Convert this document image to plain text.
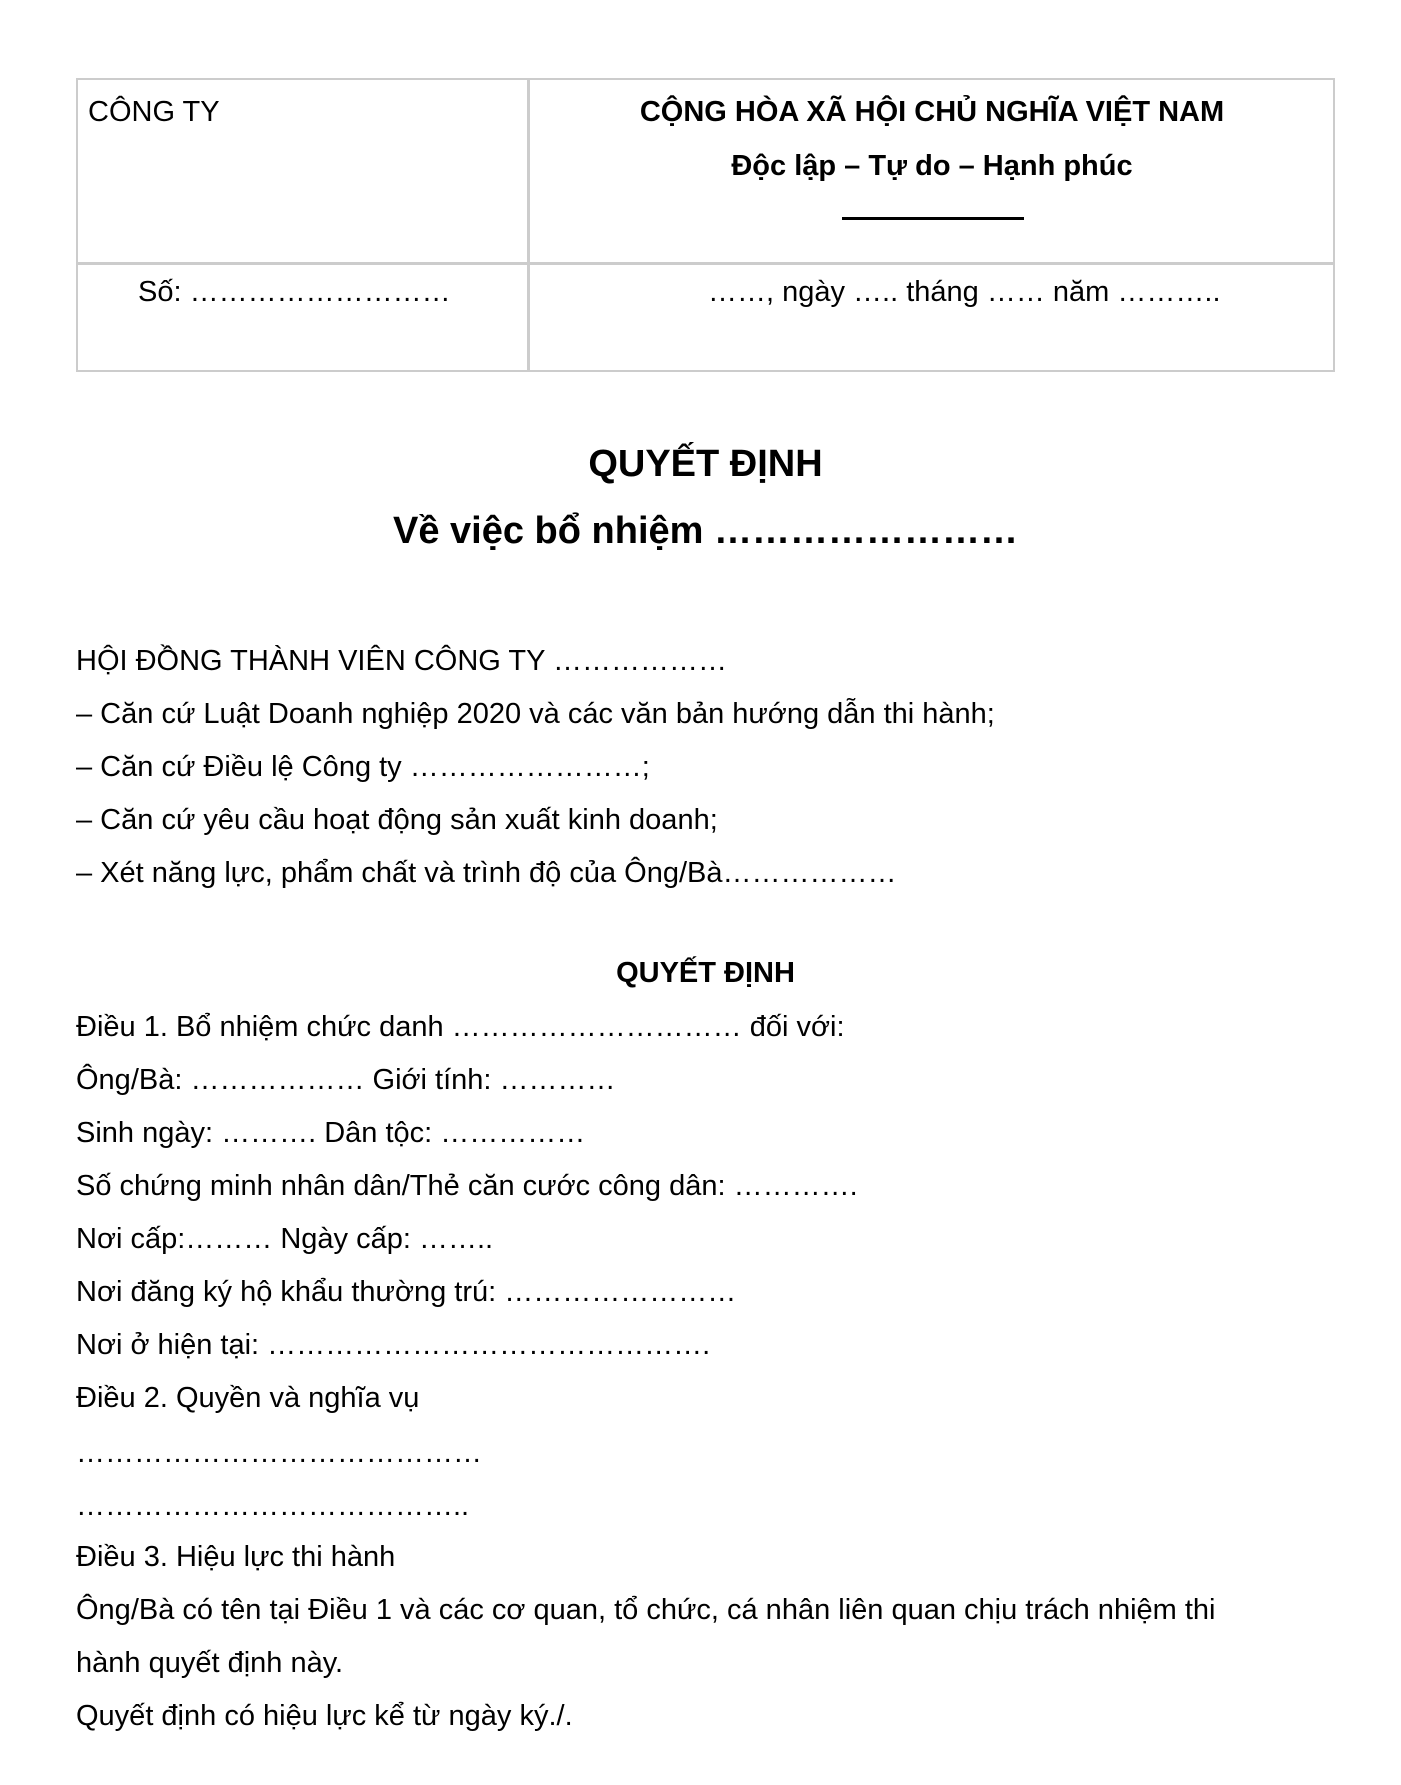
CÔNG TY	CỘNG HÒA XÃ HỘI CHỦ NGHĨA VIỆT NAM
Độc lập – Tự do – Hạnh phúc
Số: ………………………	……, ngày ….. tháng …… năm ………..
QUYẾT ĐỊNH
Về việc bổ nhiệm ……………………
HỘI ĐỒNG THÀNH VIÊN CÔNG TY ………………
– Căn cứ Luật Doanh nghiệp 2020 và các văn bản hướng dẫn thi hành;
– Căn cứ Điều lệ Công ty ……………………;
– Căn cứ yêu cầu hoạt động sản xuất kinh doanh;
– Xét năng lực, phẩm chất và trình độ của Ông/Bà………………
QUYẾT ĐỊNH
Điều 1. Bổ nhiệm chức danh ………………………… đối với:
Ông/Bà: ……………… Giới tính: …………
Sinh ngày: ………. Dân tộc: ……………
Số chứng minh nhân dân/Thẻ căn cước công dân: ………….
Nơi cấp:……… Ngày cấp: ……..
Nơi đăng ký hộ khẩu thường trú: ……………………
Nơi ở hiện tại: ……………………………………….
Điều 2. Quyền và nghĩa vụ
……………………………………
…………………………………..
Điều 3. Hiệu lực thi hành
Ông/Bà có tên tại Điều 1 và các cơ quan, tổ chức, cá nhân liên quan chịu trách nhiệm thi
hành quyết định này.
Quyết định có hiệu lực kể từ ngày ký./.
